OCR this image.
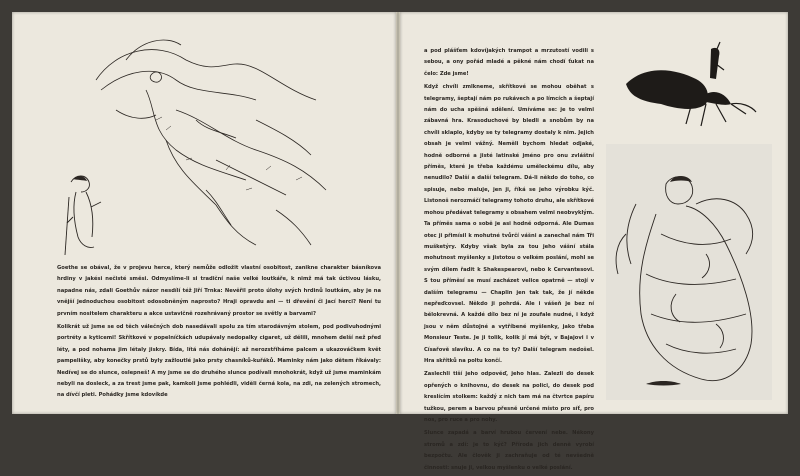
Goethe se obával, že v projevu herce, který nemůže odložit vlastní osobitost, zanikne charakter básníkova hrdiny v jakési nečisté směsi. Odmyslíme-li si tradiční naše velké loutkáře, k nimž má tak úctivou lásku, napadne nás, zdali Goethův názor nesdílí též Jiří Trnka: Nevěřil proto úlohy svých hrdinů loutkám, aby je na vnější jednoduchou osobitost odosobněným naprosto? Hraji opravdu ani — ti dřevění či jací herci? Není tu prvním nositelem charakteru a akce ustavičně rozehrávaný prostor se světly a barvami?

Kolikrát už jsme se od těch válečných dob nasedávali spolu za tím starodávným stolem, pod podivuhodnými portréty a kyticemi! Skřítkové v popelníčkách udupávaly nedopalky cigaret, už dělili, mnohem delší než před léty, a pod nohama jim létaly jiskry. Bída, lítá nás dohánějí: až nerozstříháme palcem a ukazováčkem květ pampelišky, aby konečky prstů byly zažloutlé jako prsty chasníků-kuřáků. Maminky nám jako dětem říkávaly: Nedívej se do slunce, oslepneš! A my jsme se do druhého slunce podívali mnohokrát, když už jsme maminkám nebyli na dosleck, a za trest jsme pak, kamkoli jsme pohlédli, viděli černá kola, na zdi, na zelených stromech, na dívčí pleti. Pohádky jsme kdovíkde

a pod plášťem kdovíjakých trampot a mrzutostí vodili s sebou, a ony pořád mladé a pěkné nám chodí ťukat na čelo: Zde jsme!

Když chvíli zmlkneme, skřítkové se mohou oběhat s telegramy, šeptají nám po rukávech a po límcích a šeptají nám do ucha spěšná sdělení. Umíváme se: je to velmi zábavná hra. Krasoduchové by bledli a snobům by na chvíli sklaplo, kdyby se ty telegramy dostaly k nim. Jejich obsah je velmi vážný. Neměli bychom hledat odjaké, hodně odborné a jisté latinské jméno pro onu zvláštní příměs, které je třeba každému uměleckému dílu, aby nenudilo? Další a další telegram. Dá-li někdo do toho, co spisuje, nebo maluje, jen ji, říká se jeho výrobku kýč. Listonoš nerozmáčí telegramy tohoto druhu, ale skřítkové mohou předávat telegramy s obsahem velmi neobvyklým. Ta příměs sama o sobě je asi hodně odporná. Ale Dumas otec ji přimísil k mohutné tvůrčí vášni a zanechal nám Tři mušketýry. Kdyby však byla za tou jeho vášní stála mohutnost myšlenky s jistotou o velkém poslání, mohl se svým dílem řadit k Shakespearovi, nebo k Cervantesovi. S tou příměsí se musí zacházet velice opatrně — stojí v dalším telegramu — Chaplin jen tak tak, že jí někde nepřeďcovsel. Někdo ji pohrdá. Ale i vášeň je bez ní bělokrevná. A každé dílo bez ní je zoufale nudné, i když jsou v něm důstojné a vytříbené myšlenky, jako třeba Monsieur Teste. Je ji tolik, kolik jí má být, v Bajajovi i v Císařově slavíku. A co na to ty? Další telegram nedošel. Hra skřítků na poltu končí.

Zaslechli tiší jeho odpověď, jeho hlas. Zalezli do desek opřených o knihovnu, do desek na polici, do desek pod kreslícím stolkem: každý z nich tam má na čtvrtce papíru tužkou, perem a barvou přesně určené místo pro síť, pro nos, pro ruce a pro nohy.

Slunce zapadá a barví hrubou červení nebe. Nékony stromů a zdí: je to kýč? Příroda jich denně vyrobí bezpočtu. Ale člověk ji zachraňuje od té nevšedně činnosti: snuje ji, velkou myšlenku o velké poslání.
